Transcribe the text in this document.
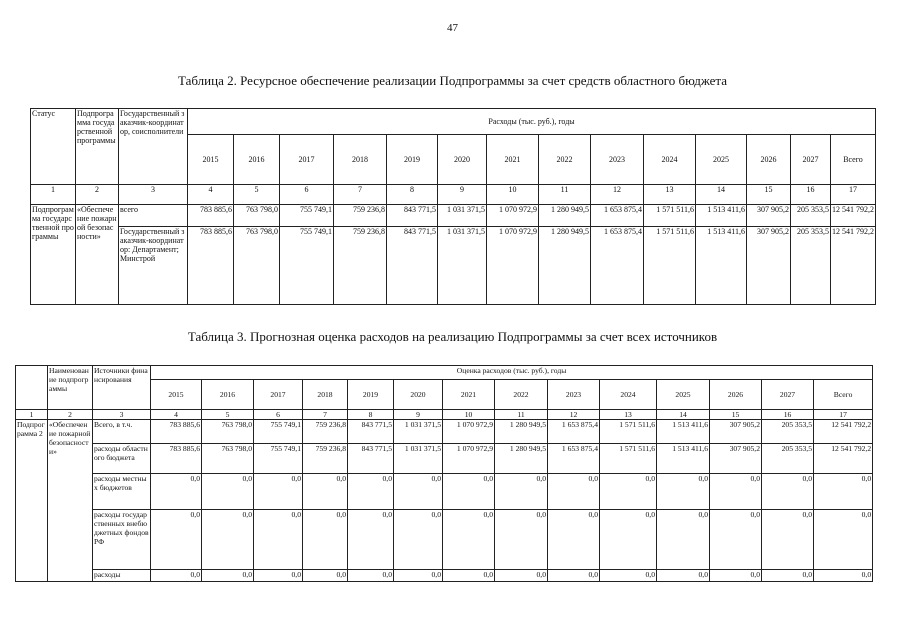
47
Таблица 2. Ресурсное обеспечение реализации Подпрограммы за счет средств областного бюджета
Статус	Подпрограмма государственной программы	Государственный заказчик-координатор, соисполнители	Расходы (тыс. руб.), годы													
			2015	2016	2017	2018	2019	2020	2021	2022	2023	2024	2025	2026	2027	Всего
1	2	3	4	5	6	7	8	9	10	11	12	13	14	15	16	17
Подпрограмма государственной программы	«Обеспечение пожарной безопасности»	всего	783 885,6	763 798,0	755 749,1	759 236,8	843 771,5	1 031 371,5	1 070 972,9	1 280 949,5	1 653 875,4	1 571 511,6	1 513 411,6	307 905,2	205 353,5	12 541 792,2
		Государственный заказчик-координатор: Департамент; Минстрой	783 885,6	763 798,0	755 749,1	759 236,8	843 771,5	1 031 371,5	1 070 972,9	1 280 949,5	1 653 875,4	1 571 511,6	1 513 411,6	307 905,2	205 353,5	12 541 792,2
Таблица 3. Прогнозная оценка расходов на реализацию Подпрограммы за счет всех источников
	Наименование подпрограммы	Источники финансирования	Оценка расходов (тыс. руб.), годы													
			2015	2016	2017	2018	2019	2020	2021	2022	2023	2024	2025	2026	2027	Всего
1	2	3	4	5	6	7	8	9	10	11	12	13	14	15	16	17
Подпрограмма 2	«Обеспечение пожарной безопасности»	Всего, в т.ч.	783 885,6	763 798,0	755 749,1	759 236,8	843 771,5	1 031 371,5	1 070 972,9	1 280 949,5	1 653 875,4	1 571 511,6	1 513 411,6	307 905,2	205 353,5	12 541 792,2
		расходы областного бюджета	783 885,6	763 798,0	755 749,1	759 236,8	843 771,5	1 031 371,5	1 070 972,9	1 280 949,5	1 653 875,4	1 571 511,6	1 513 411,6	307 905,2	205 353,5	12 541 792,2
		расходы местных бюджетов	0,0	0,0	0,0	0,0	0,0	0,0	0,0	0,0	0,0	0,0	0,0	0,0	0,0	0,0
		расходы государственных внебюджетных фондов РФ	0,0	0,0	0,0	0,0	0,0	0,0	0,0	0,0	0,0	0,0	0,0	0,0	0,0	0,0
		расходы	0,0	0,0	0,0	0,0	0,0	0,0	0,0	0,0	0,0	0,0	0,0	0,0	0,0	0,0
